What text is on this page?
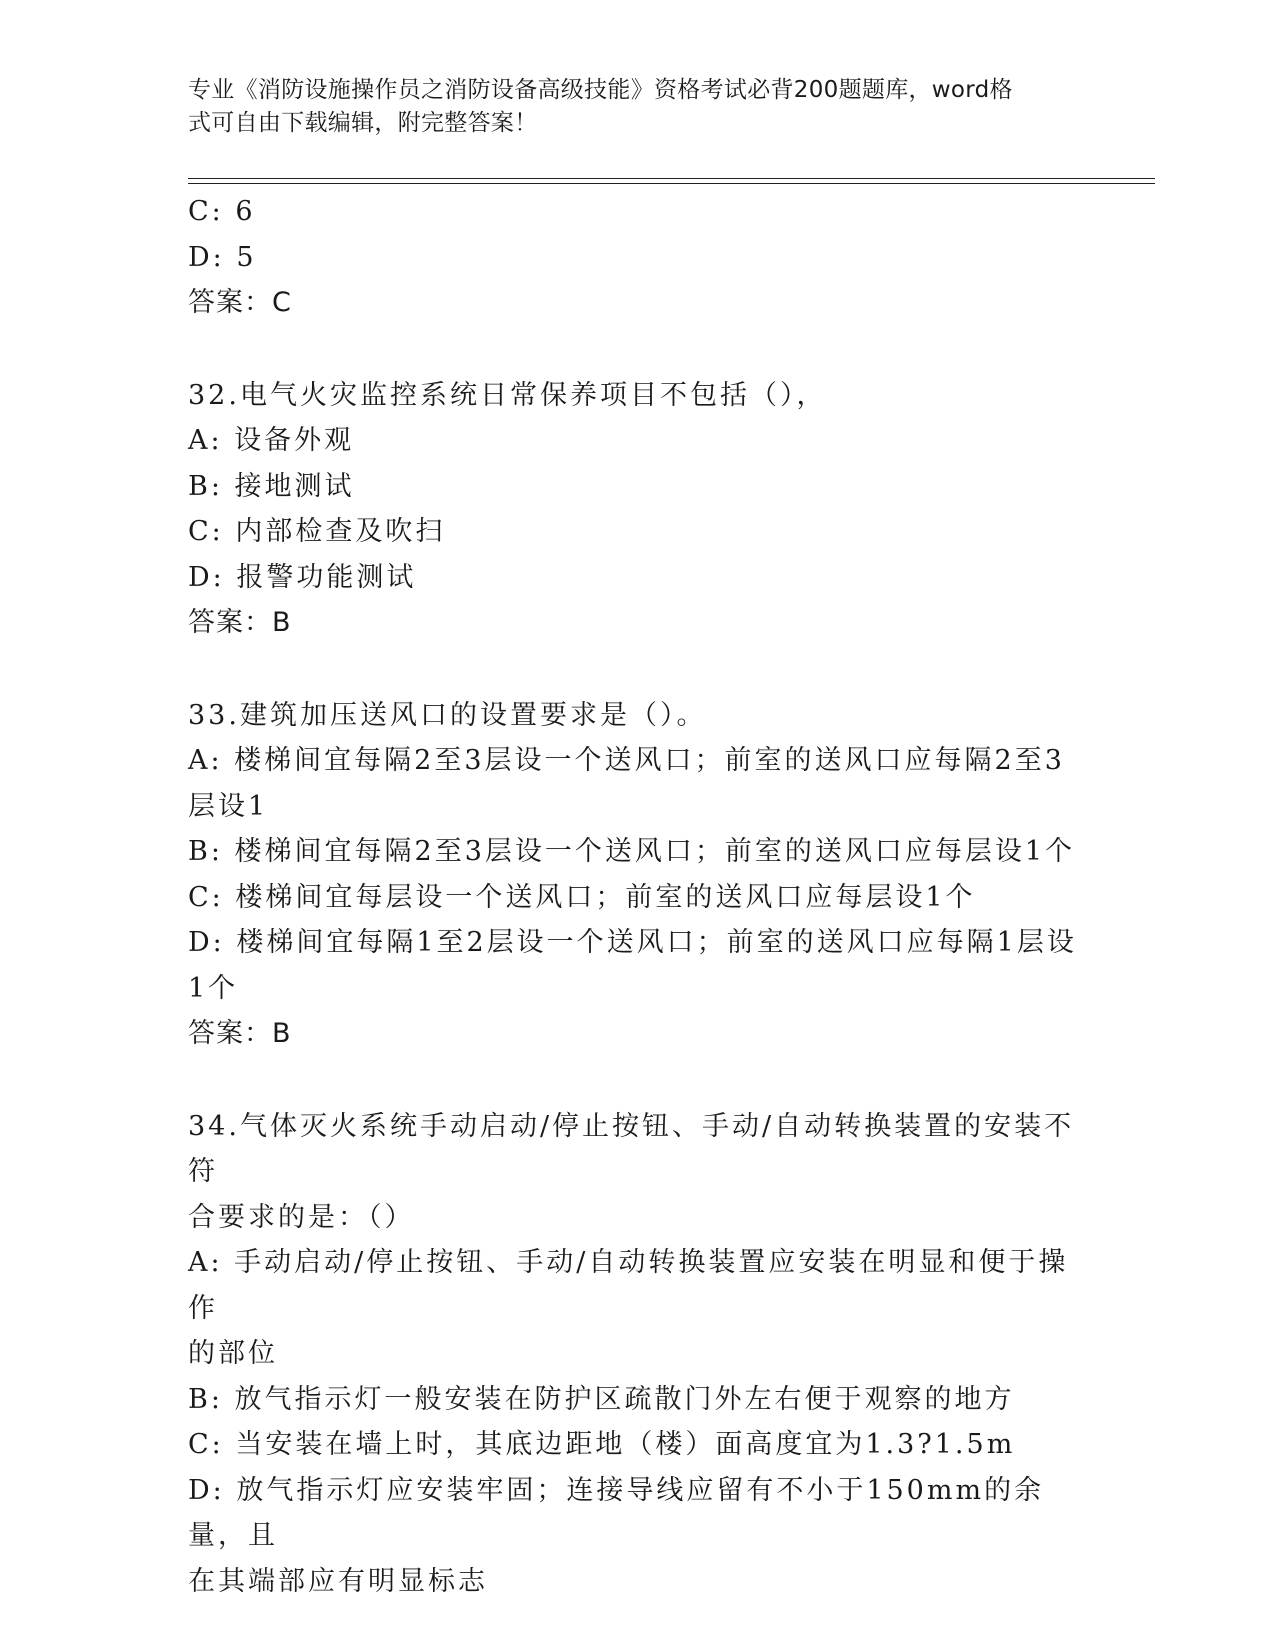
专业《消防设施操作员之消防设备高级技能》资格考试必背200题题库，word格
式可自由下载编辑，附完整答案！

C: 6

D: 5

答案：C

32.电气火灾监控系统日常保养项目不包括（），

A: 设备外观

B: 接地测试

C: 内部检查及吹扫

D: 报警功能测试

答案：B

33.建筑加压送风口的设置要求是（）。

A: 楼梯间宜每隔2至3层设一个送风口；前室的送风口应每隔2至3

层设1

B: 楼梯间宜每隔2至3层设一个送风口；前室的送风口应每层设1个

C: 楼梯间宜每层设一个送风口；前室的送风口应每层设1个

D: 楼梯间宜每隔1至2层设一个送风口；前室的送风口应每隔1层设

1个

答案：B

34.气体灭火系统手动启动/停止按钮、手动/自动转换装置的安装不符

合要求的是：（）

A: 手动启动/停止按钮、手动/自动转换装置应安装在明显和便于操作

的部位

B: 放气指示灯一般安装在防护区疏散门外左右便于观察的地方

C: 当安装在墙上时，其底边距地（楼）面高度宜为1.3?1.5m

D: 放气指示灯应安装牢固；连接导线应留有不小于150mm的余量，且

在其端部应有明显标志
